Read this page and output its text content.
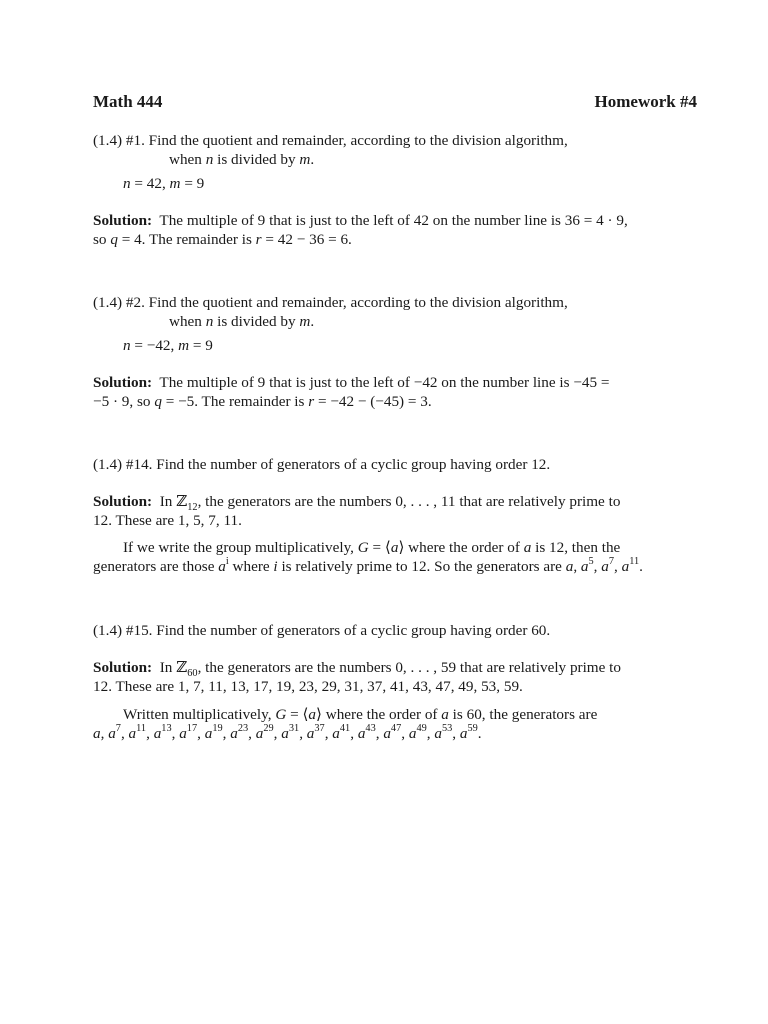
Math 444	Homework #4
(1.4) #1. Find the quotient and remainder, according to the division algorithm,
when n is divided by m.
n = 42, m = 9
Solution:  The multiple of 9 that is just to the left of 42 on the number line is 36 = 4 · 9,
so q = 4. The remainder is r = 42 − 36 = 6.
(1.4) #2. Find the quotient and remainder, according to the division algorithm,
when n is divided by m.
n = −42, m = 9
Solution:  The multiple of 9 that is just to the left of −42 on the number line is −45 =
−5 · 9, so q = −5. The remainder is r = −42 − (−45) = 3.
(1.4) #14. Find the number of generators of a cyclic group having order 12.
Solution:  In ℤ$_{12}$, the generators are the numbers 0, . . . , 11 that are relatively prime to
12. These are 1, 5, 7, 11.
If we write the group multiplicatively, G = ⟨a⟩ where the order of a is 12, then the
generators are those $a^i$ where i is relatively prime to 12. So the generators are a, $a^5$, $a^7$, $a^{11}$.
(1.4) #15. Find the number of generators of a cyclic group having order 60.
Solution:  In ℤ$_{60}$, the generators are the numbers 0, . . . , 59 that are relatively prime to
12. These are 1, 7, 11, 13, 17, 19, 23, 29, 31, 37, 41, 43, 47, 49, 53, 59.
Written multiplicatively, G = ⟨a⟩ where the order of a is 60, the generators are
a, $a^7$, $a^{11}$, $a^{13}$, $a^{17}$, $a^{19}$, $a^{23}$, $a^{29}$, $a^{31}$, $a^{37}$, $a^{41}$, $a^{43}$, $a^{47}$, $a^{49}$, $a^{53}$, $a^{59}$.
